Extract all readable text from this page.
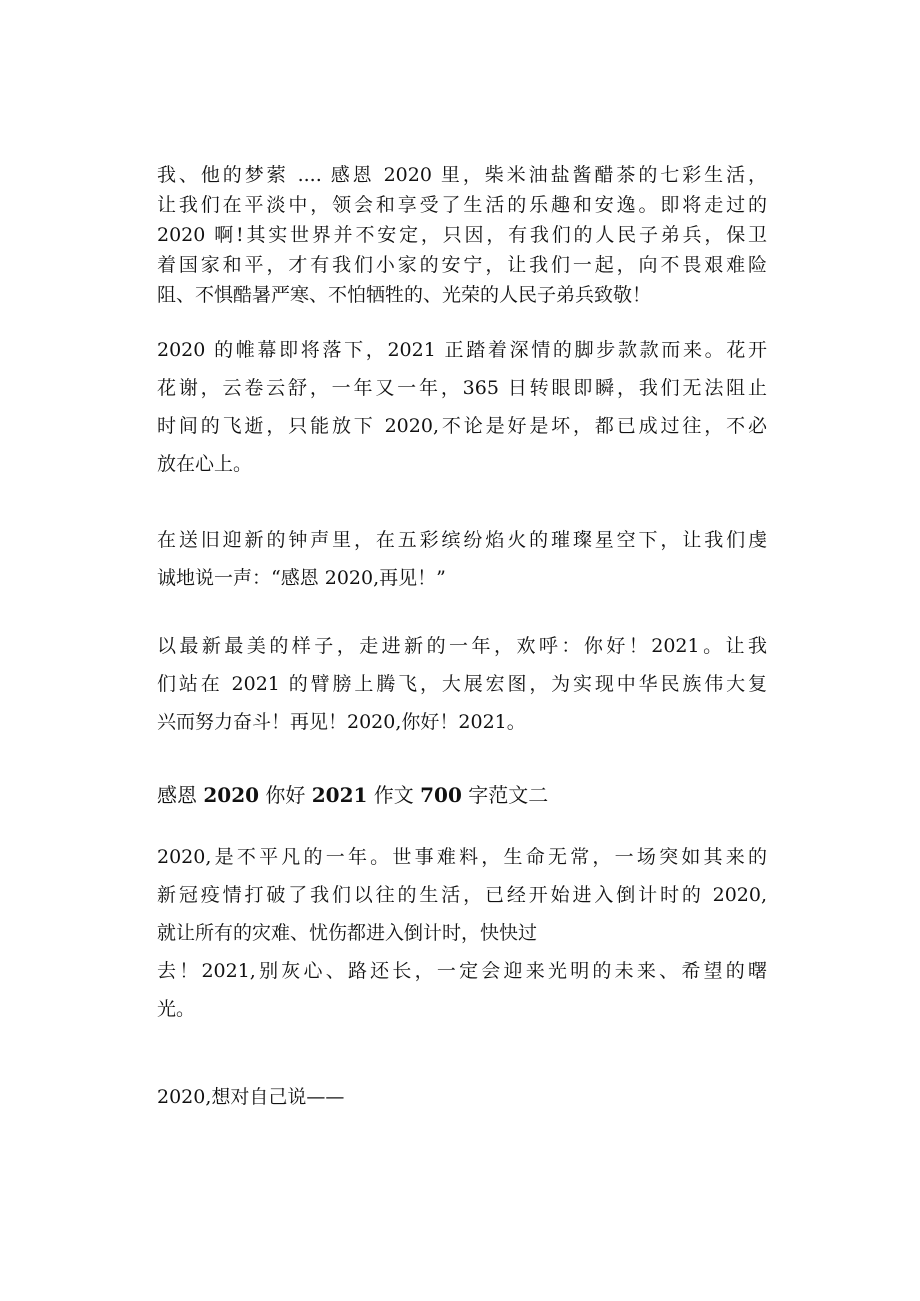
我、他的梦萦 .... 感恩 2020 里，柴米油盐酱醋茶的七彩生活，
让我们在平淡中，领会和享受了生活的乐趣和安逸。即将走过的
2020 啊!其实世界并不安定，只因，有我们的人民子弟兵，保卫
着国家和平，才有我们小家的安宁，让我们一起，向不畏艰难险
阻、不惧酷暑严寒、不怕牺牲的、光荣的人民子弟兵致敬！
2020 的帷幕即将落下，2021 正踏着深情的脚步款款而来。花开
花谢，云卷云舒，一年又一年，365 日转眼即瞬，我们无法阻止
时间的飞逝，只能放下 2020,不论是好是坏，都已成过往，不必
放在心上。
在送旧迎新的钟声里，在五彩缤纷焰火的璀璨星空下，让我们虔
诚地说一声：“感恩 2020,再见！”
以最新最美的样子，走进新的一年，欢呼：你好！2021。让我
们站在 2021 的臂膀上腾飞，大展宏图，为实现中华民族伟大复
兴而努力奋斗！再见！2020,你好！2021。
感恩 2020 你好 2021 作文 700 字范文二
2020,是不平凡的一年。世事难料，生命无常，一场突如其来的
新冠疫情打破了我们以往的生活，已经开始进入倒计时的 2020,
就让所有的灾难、忧伤都进入倒计时，快快过
去！2021,别灰心、路还长，一定会迎来光明的未来、希望的曙
光。
2020,想对自己说——
